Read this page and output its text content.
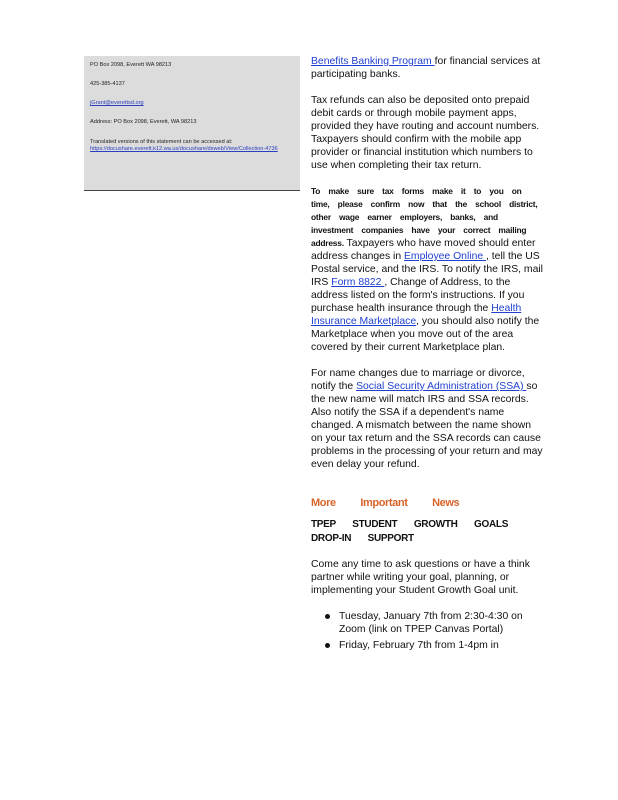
PO Box 2098, Everett WA 98213
425-385-4137
jGrant@everettsd.org
Address: PO Box 2098, Everett, WA 98213
Translated versions of this statement can be accessed at:
https://docushare.everett.k12.wa.us/docushare/dsweb/View/Collection-4736

Benefits Banking Program for financial services at participating banks.

Tax refunds can also be deposited onto prepaid debit cards or through mobile payment apps, provided they have routing and account numbers. Taxpayers should confirm with the mobile app provider or financial institution which numbers to use when completing their tax return.

To make sure tax forms make it to you on time, please confirm now that the school district, other wage earner employers, banks, and investment companies have your correct mailing address. Taxpayers who have moved should enter address changes in Employee Online , tell the US Postal service, and the IRS. To notify the IRS, mail IRS Form 8822 , Change of Address, to the address listed on the form's instructions. If you purchase health insurance through the Health Insurance Marketplace, you should also notify the Marketplace when you move out of the area covered by their current Marketplace plan.

For name changes due to marriage or divorce, notify the Social Security Administration (SSA) so the new name will match IRS and SSA records. Also notify the SSA if a dependent's name changed. A mismatch between the name shown on your tax return and the SSA records can cause problems in the processing of your return and may even delay your refund.

More Important News
TPEP STUDENT GROWTH GOALS DROP-IN SUPPORT

Come any time to ask questions or have a think partner while writing your goal, planning, or implementing your Student Growth Goal unit.

Tuesday, January 7th from 2:30-4:30 on Zoom (link on TPEP Canvas Portal)
Friday, February 7th from 1-4pm in
